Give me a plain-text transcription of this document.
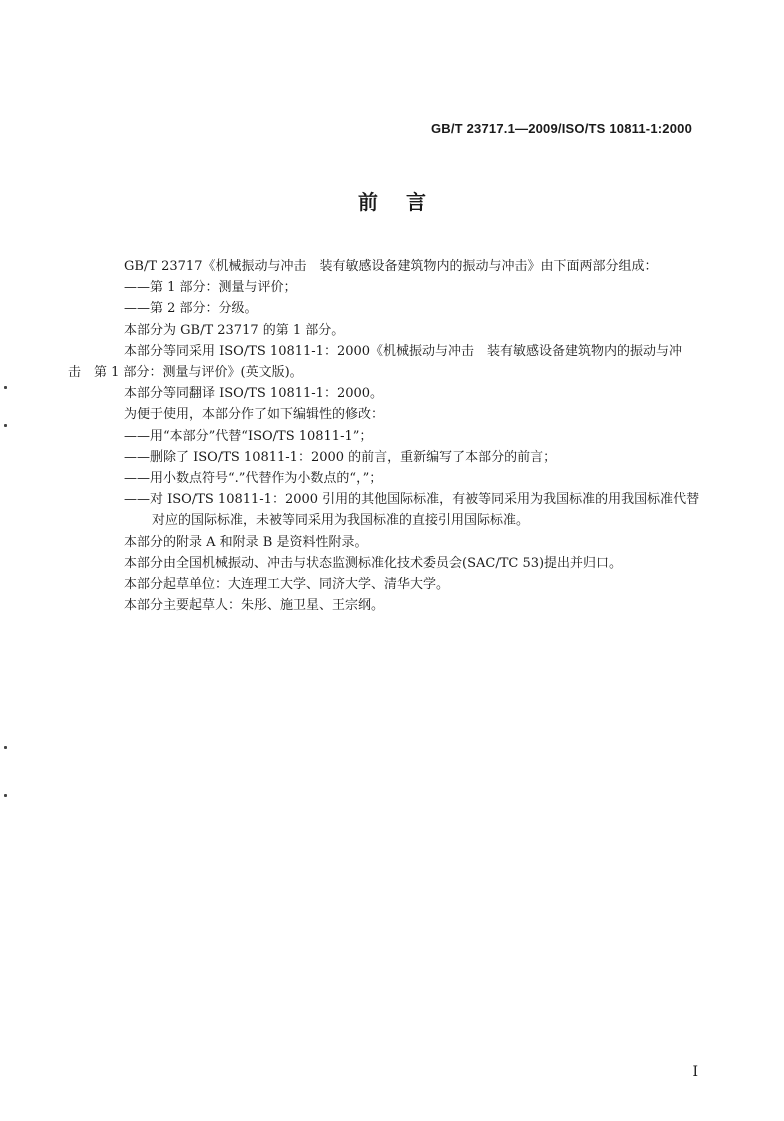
GB/T 23717.1—2009/ISO/TS 10811-1:2000
前言

GB/T 23717《机械振动与冲击　装有敏感设备建筑物内的振动与冲击》由下面两部分组成：

——第 1 部分：测量与评价；

——第 2 部分：分级。

本部分为 GB/T 23717 的第 1 部分。

本部分等同采用 ISO/TS 10811-1：2000《机械振动与冲击　装有敏感设备建筑物内的振动与冲

击　第 1 部分：测量与评价》(英文版)。

本部分等同翻译 ISO/TS 10811-1：2000。

为便于使用，本部分作了如下编辑性的修改：

——用“本部分”代替“ISO/TS 10811-1”；

——删除了 ISO/TS 10811-1：2000 的前言，重新编写了本部分的前言；

——用小数点符号“.”代替作为小数点的“，”；

——对 ISO/TS 10811-1：2000 引用的其他国际标准，有被等同采用为我国标准的用我国标准代替

对应的国际标准，未被等同采用为我国标准的直接引用国际标准。

本部分的附录 A 和附录 B 是资料性附录。

本部分由全国机械振动、冲击与状态监测标准化技术委员会(SAC/TC 53)提出并归口。

本部分起草单位：大连理工大学、同济大学、清华大学。

本部分主要起草人：朱彤、施卫星、王宗纲。

I
